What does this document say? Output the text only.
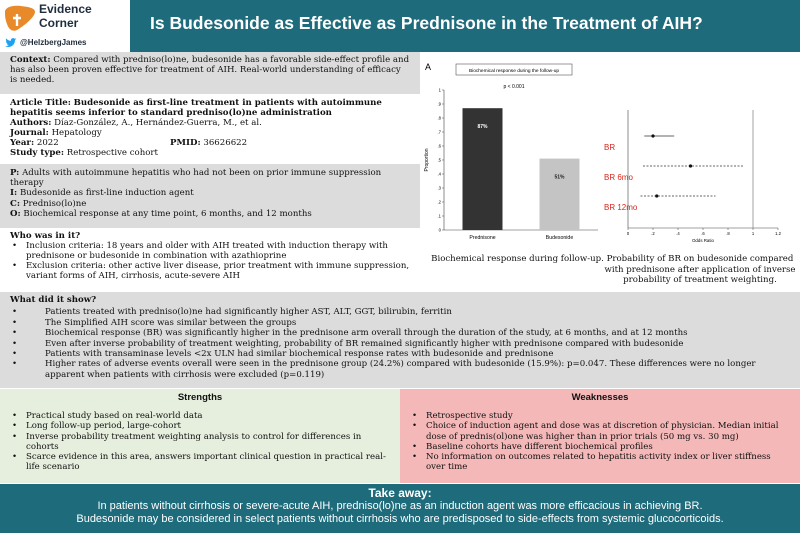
Evidence
Corner
@HelzbergJames
Is Budesonide as Effective as Prednisone in the Treatment of AIH?
Context: Compared with predniso(lo)ne, budesonide has a favorable side-effect profile and has also been proven effective for treatment of AIH. Real-world understanding of efficacy is needed.
Article Title: Budesonide as first-line treatment in patients with autoimmune hepatitis seems inferior to standard predniso(lo)ne administration
Authors: Díaz-González, A., Hernández-Guerra, M., et al.
Journal: Hepatology
Year: 2022	PMID: 36626622
Study type: Retrospective cohort
P: Adults with autoimmune hepatitis who had not been on prior immune suppression therapy
I: Budesonide as first-line induction agent
C: Predniso(lo)ne
O: Biochemical response at any time point, 6 months, and 12 months
Who was in it?
• Inclusion criteria: 18 years and older with AIH treated with induction therapy with prednisone or budesonide in combination with azathioprine
• Exclusion criteria: other active liver disease, prior treatment with immune suppression, variant forms of AIH, cirrhosis, acute-severe AIH
A	Biochemical response during the follow-up
p < 0.001
0
.1
.2
.3
.4
.5
.6
.7
.8
.9
1
Proportion
87%
Prednisone
51%
Budesonide
Biochemical response during follow-up.
0	.2	.4	.6	.8	1	1.2
Odds Ratio
BR
BR 6mo
BR 12mo
Probability of BR on budesonide compared with prednisone after application of inverse probability of treatment weighting.
What did it show?
• Patients treated with predniso(lo)ne had significantly higher AST, ALT, GGT, bilirubin, ferritin
• The Simplified AIH score was similar between the groups
• Biochemical response (BR) was significantly higher in the prednisone arm overall through the duration of the study, at 6 months, and at 12 months
• Even after inverse probability of treatment weighting, probability of BR remained significantly higher with prednisone compared with budesonide
• Patients with transaminase levels <2x ULN had similar biochemical response rates with budesonide and prednisone
• Higher rates of adverse events overall were seen in the prednisone group (24.2%) compared with budesonide (15.9%): p=0.047. These differences were no longer apparent when patients with cirrhosis were excluded (p=0.119)
Strengths
• Practical study based on real-world data
• Long follow-up period, large-cohort
• Inverse probability treatment weighting analysis to control for differences in cohorts
• Scarce evidence in this area, answers important clinical question in practical real-life scenario
Weaknesses
• Retrospective study
• Choice of induction agent and dose was at discretion of physician. Median initial dose of prednis(ol)one was higher than in prior trials (50 mg vs. 30 mg)
• Baseline cohorts have different biochemical profiles
• No information on outcomes related to hepatitis activity index or liver stiffness over time
Take away:
In patients without cirrhosis or severe-acute AIH, predniso(lo)ne as an induction agent was more efficacious in achieving BR.
Budesonide may be considered in select patients without cirrhosis who are predisposed to side-effects from systemic glucocorticoids.
